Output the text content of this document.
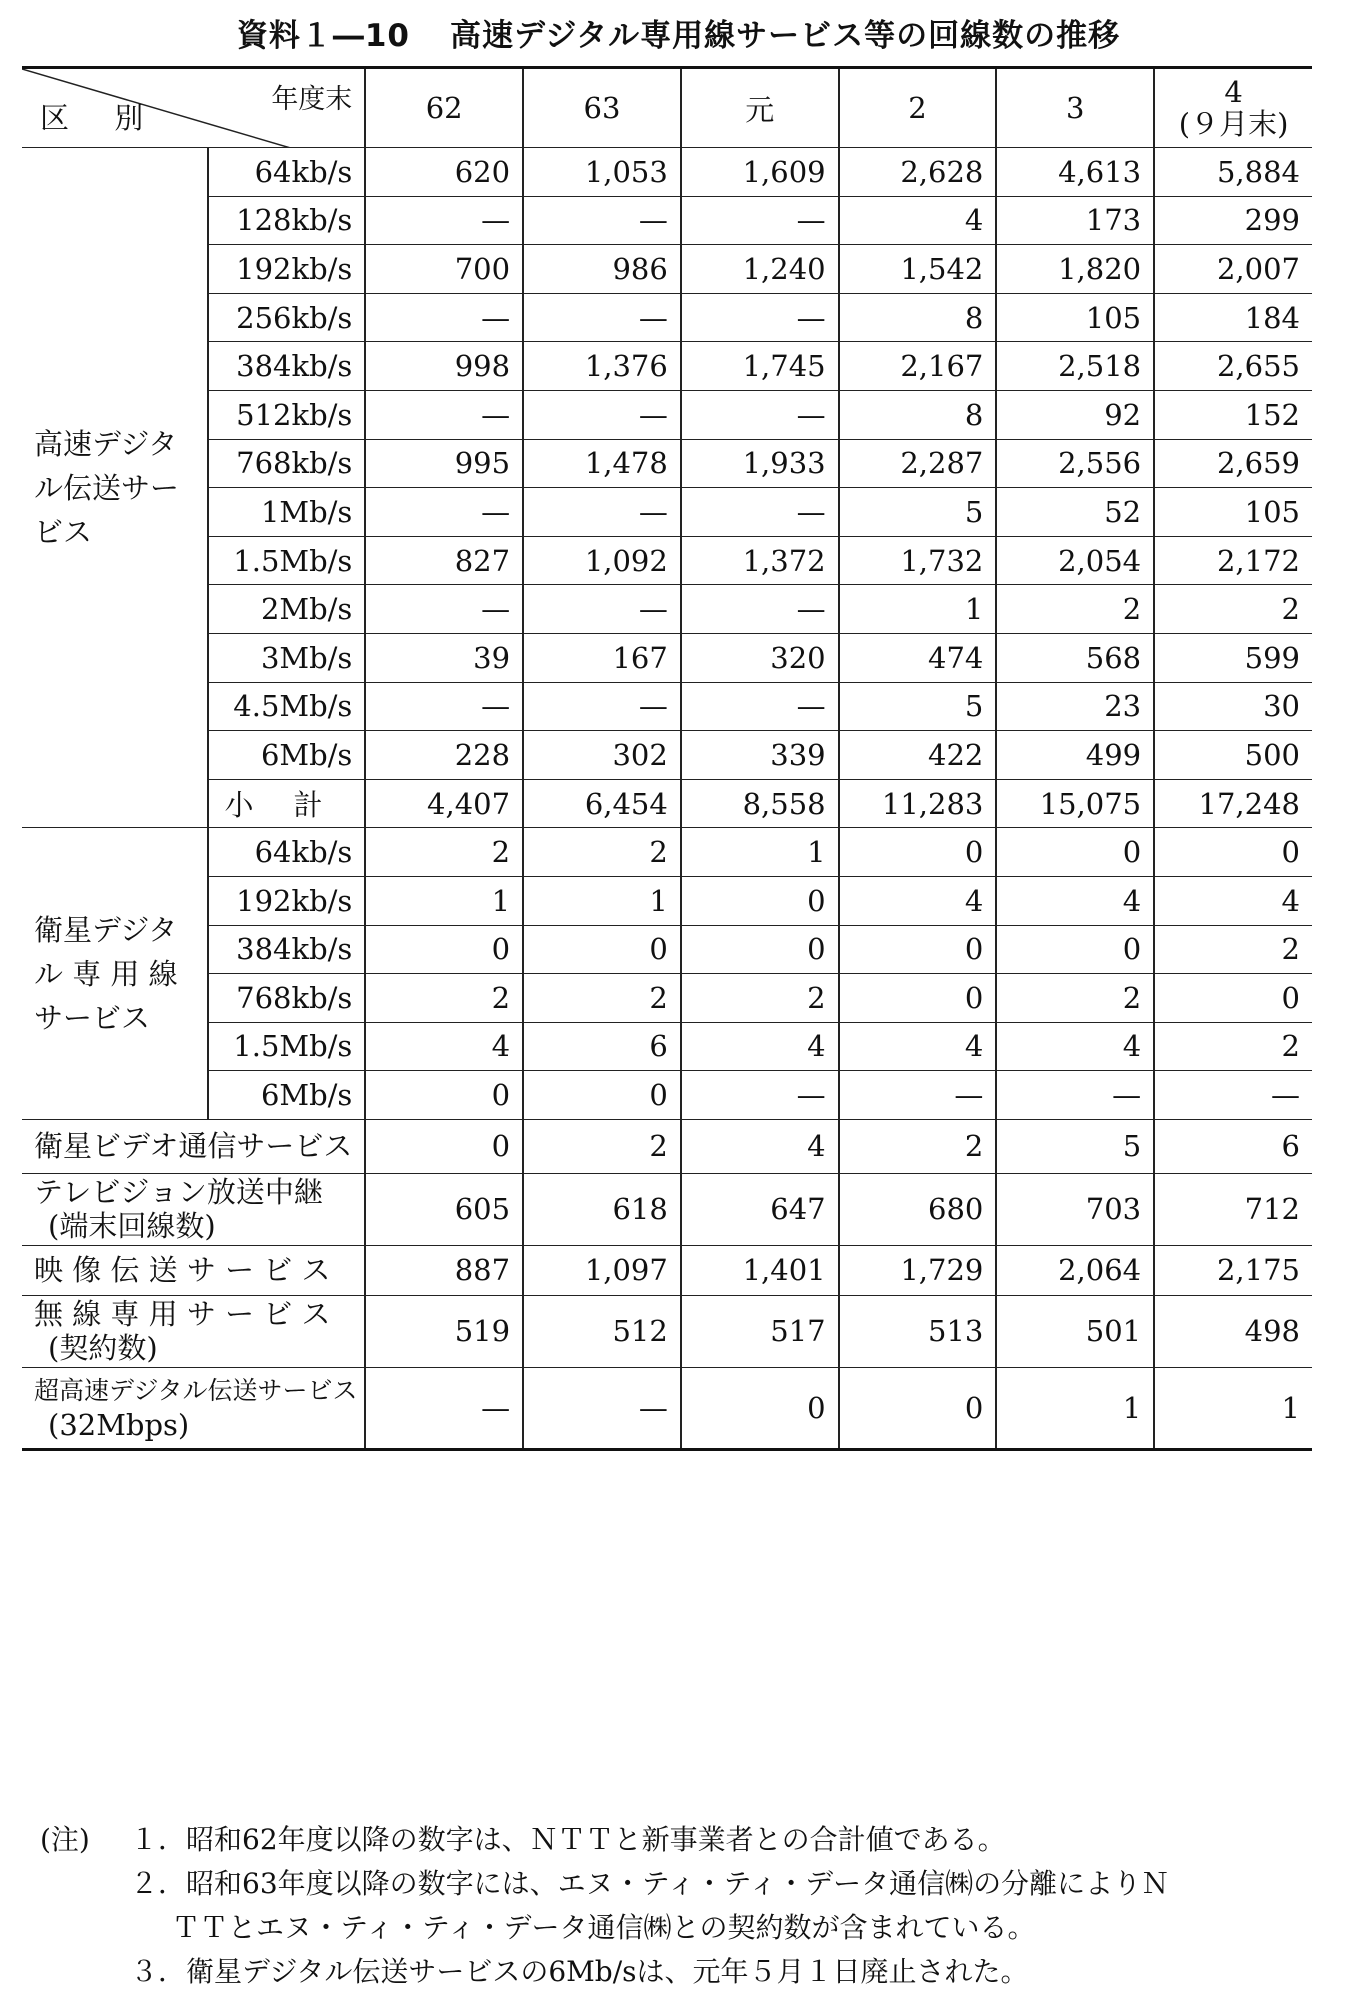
資料１―10 高速デジタル専用線サービス等の回線数の推移
年度末
区 別		62	63	元	2	3	4
(９月末)

高速デジタ
ル伝送サー
ビス	64kb/s	620	1,053	1,609	2,628	4,613	5,884
	128kb/s	—	—	—	4	173	299
	192kb/s	700	986	1,240	1,542	1,820	2,007
	256kb/s	—	—	—	8	105	184
	384kb/s	998	1,376	1,745	2,167	2,518	2,655
	512kb/s	—	—	—	8	92	152
	768kb/s	995	1,478	1,933	2,287	2,556	2,659
	1Mb/s	—	—	—	5	52	105
	1.5Mb/s	827	1,092	1,372	1,732	2,054	2,172
	2Mb/s	—	—	—	1	2	2
	3Mb/s	39	167	320	474	568	599
	4.5Mb/s	—	—	—	5	23	30
	6Mb/s	228	302	339	422	499	500
	小計	4,407	6,454	8,558	11,283	15,075	17,248

衛星デジタ
ル 専 用 線
サービス	64kb/s	2	2	1	0	0	0
	192kb/s	1	1	0	4	4	4
	384kb/s	0	0	0	0	0	2
	768kb/s	2	2	2	0	2	0
	1.5Mb/s	4	6	4	4	4	2
	6Mb/s	0	0	—	—	—	—

衛星ビデオ通信サービス		0	2	4	2	5	6

テレビジョン放送中継
(端末回線数)		605	618	647	680	703	712

映 像 伝 送 サ ー ビ ス		887	1,097	1,401	1,729	2,064	2,175

無 線 専 用 サ ー ビ ス
(契約数)		519	512	517	513	501	498

超高速デジタル伝送サービス
(32Mbps)		—	—	0	0	1	1
(注) １．昭和62年度以降の数字は、ＮＴＴと新事業者との合計値である。
２．昭和63年度以降の数字には、エヌ・ティ・ティ・データ通信㈱の分離によりＮ
ＴＴとエヌ・ティ・ティ・データ通信㈱との契約数が含まれている。
３．衛星デジタル伝送サービスの6Mb/sは、元年５月１日廃止された。
